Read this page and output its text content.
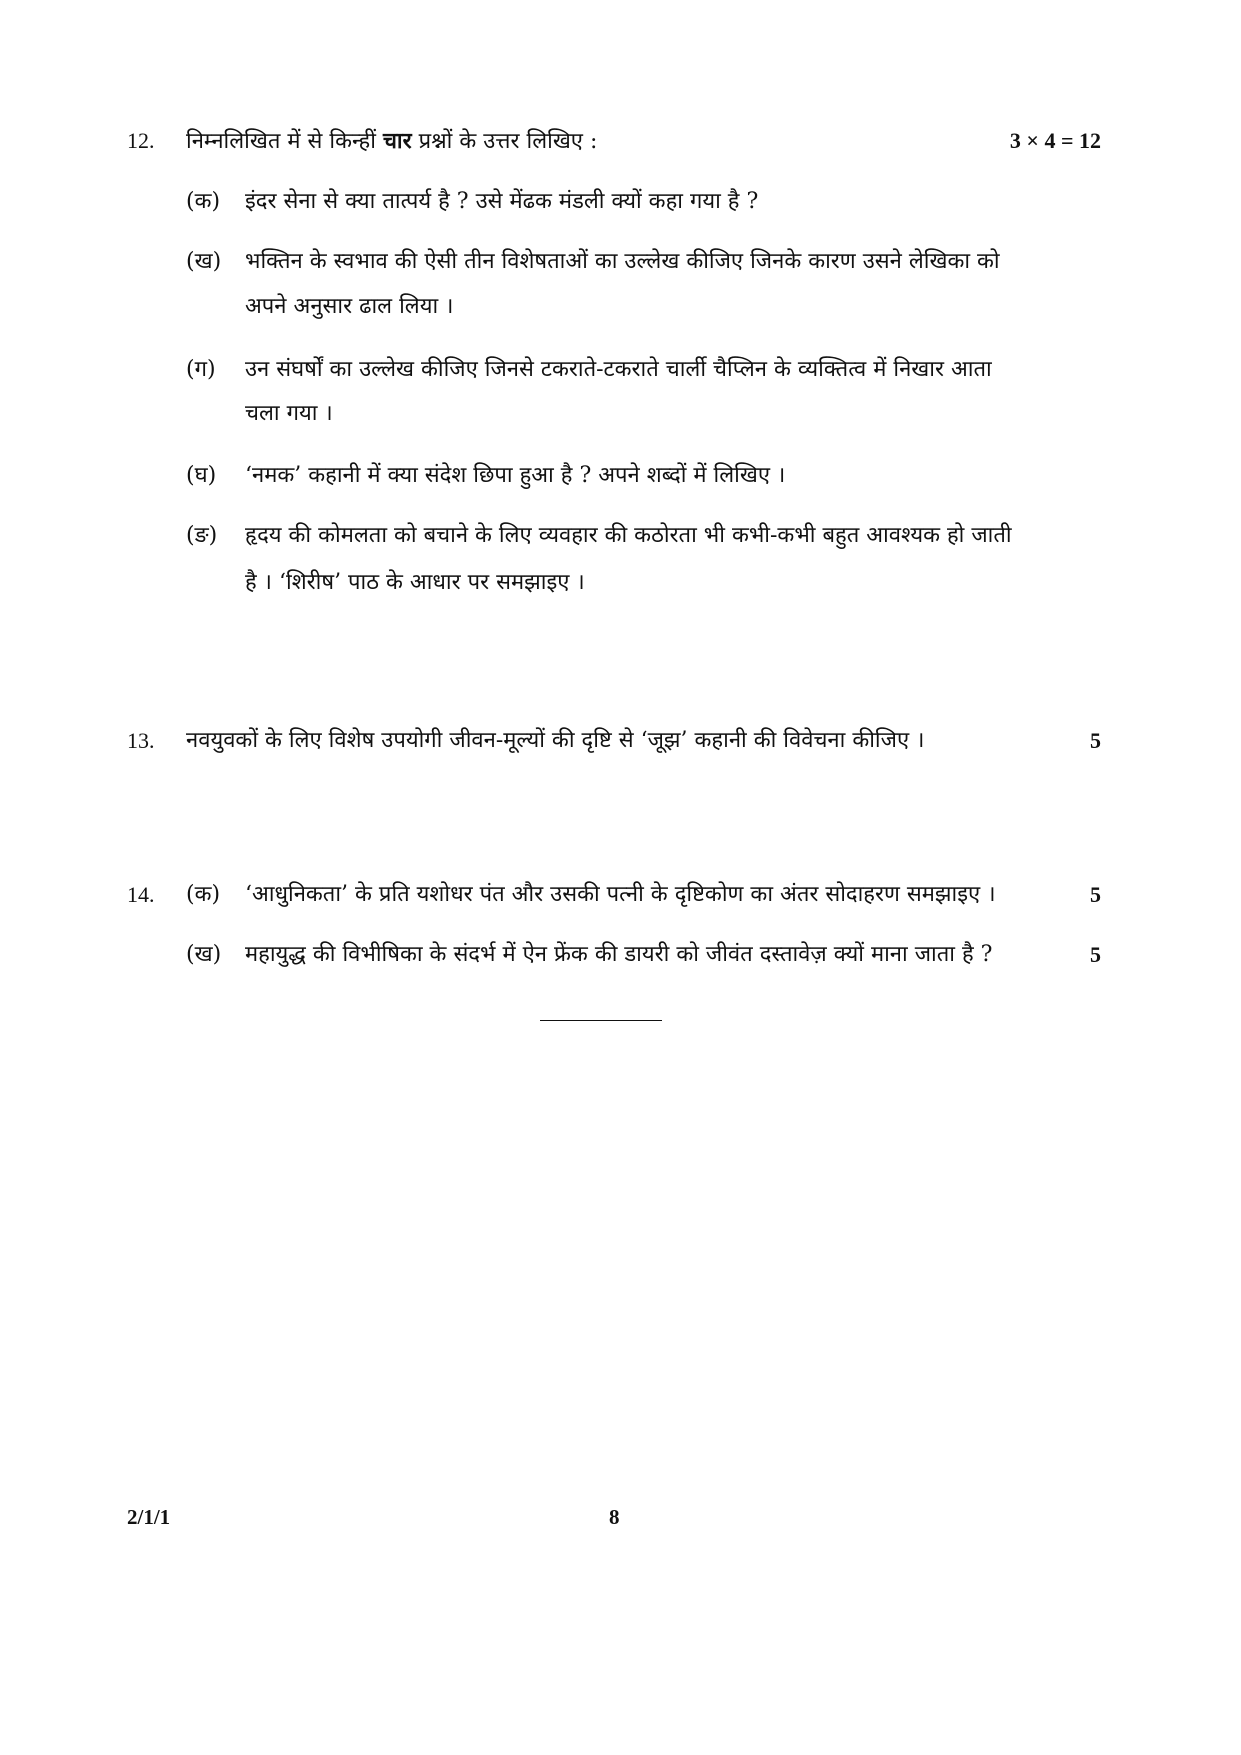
12. निम्नलिखित में से किन्हीं चार प्रश्नों के उत्तर लिखिए :	3 × 4 = 12
(क) इंदर सेना से क्या तात्पर्य है ? उसे मेंढक मंडली क्यों कहा गया है ?
(ख) भक्तिन के स्वभाव की ऐसी तीन विशेषताओं का उल्लेख कीजिए जिनके कारण उसने लेखिका को
अपने अनुसार ढाल लिया ।
(ग) उन संघर्षों का उल्लेख कीजिए जिनसे टकराते-टकराते चार्ली चैप्लिन के व्यक्तित्व में निखार आता
चला गया ।
(घ) ‘नमक’ कहानी में क्या संदेश छिपा हुआ है ? अपने शब्दों में लिखिए ।
(ङ) हृदय की कोमलता को बचाने के लिए व्यवहार की कठोरता भी कभी-कभी बहुत आवश्यक हो जाती
है । ‘शिरीष’ पाठ के आधार पर समझाइए ।
13. नवयुवकों के लिए विशेष उपयोगी जीवन-मूल्यों की दृष्टि से ‘जूझ’ कहानी की विवेचना कीजिए ।	5
14. (क) ‘आधुनिकता’ के प्रति यशोधर पंत और उसकी पत्नी के दृष्टिकोण का अंतर सोदाहरण समझाइए ।	5
(ख) महायुद्ध की विभीषिका के संदर्भ में ऐन फ्रेंक की डायरी को जीवंत दस्तावेज़ क्यों माना जाता है ?	5
2/1/1	8
